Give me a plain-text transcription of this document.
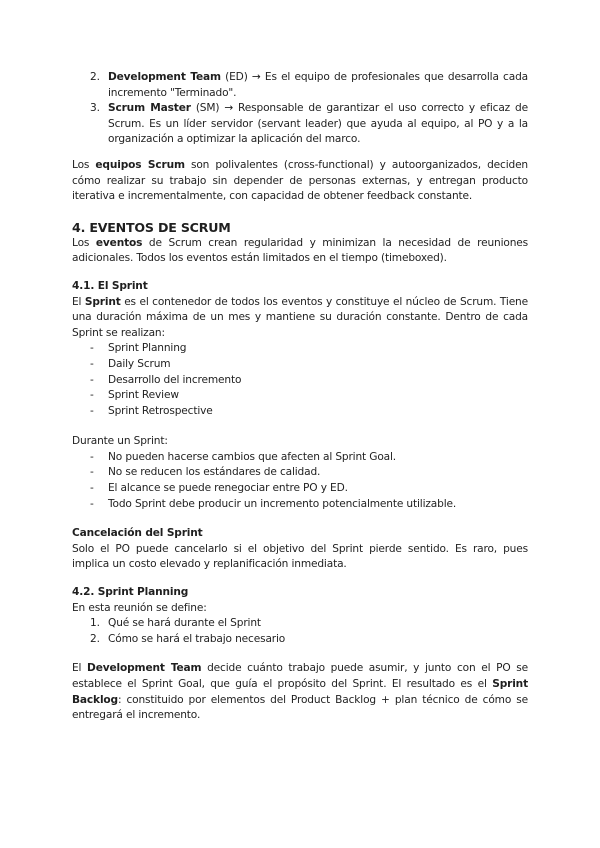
2. Development Team (ED) → Es el equipo de profesionales que desarrolla cada incremento "Terminado".

3. Scrum Master (SM) → Responsable de garantizar el uso correcto y eficaz de Scrum. Es un líder servidor (servant leader) que ayuda al equipo, al PO y a la organización a optimizar la aplicación del marco.

Los equipos Scrum son polivalentes (cross-functional) y autoorganizados, deciden cómo realizar su trabajo sin depender de personas externas, y entregan producto iterativa e incrementalmente, con capacidad de obtener feedback constante.

4. EVENTOS DE SCRUM

Los eventos de Scrum crean regularidad y minimizan la necesidad de reuniones adicionales. Todos los eventos están limitados en el tiempo (timeboxed).

4.1. El Sprint

El Sprint es el contenedor de todos los eventos y constituye el núcleo de Scrum. Tiene una duración máxima de un mes y mantiene su duración constante. Dentro de cada Sprint se realizan:

- Sprint Planning
- Daily Scrum
- Desarrollo del incremento
- Sprint Review
- Sprint Retrospective

Durante un Sprint:

- No pueden hacerse cambios que afecten al Sprint Goal.
- No se reducen los estándares de calidad.
- El alcance se puede renegociar entre PO y ED.
- Todo Sprint debe producir un incremento potencialmente utilizable.
Cancelación del Sprint

Solo el PO puede cancelarlo si el objetivo del Sprint pierde sentido. Es raro, pues implica un costo elevado y replanificación inmediata.

4.2. Sprint Planning

En esta reunión se define:

1. Qué se hará durante el Sprint
2. Cómo se hará el trabajo necesario

El Development Team decide cuánto trabajo puede asumir, y junto con el PO se establece el Sprint Goal, que guía el propósito del Sprint. El resultado es el Sprint Backlog: constituido por elementos del Product Backlog + plan técnico de cómo se entregará el incremento.
